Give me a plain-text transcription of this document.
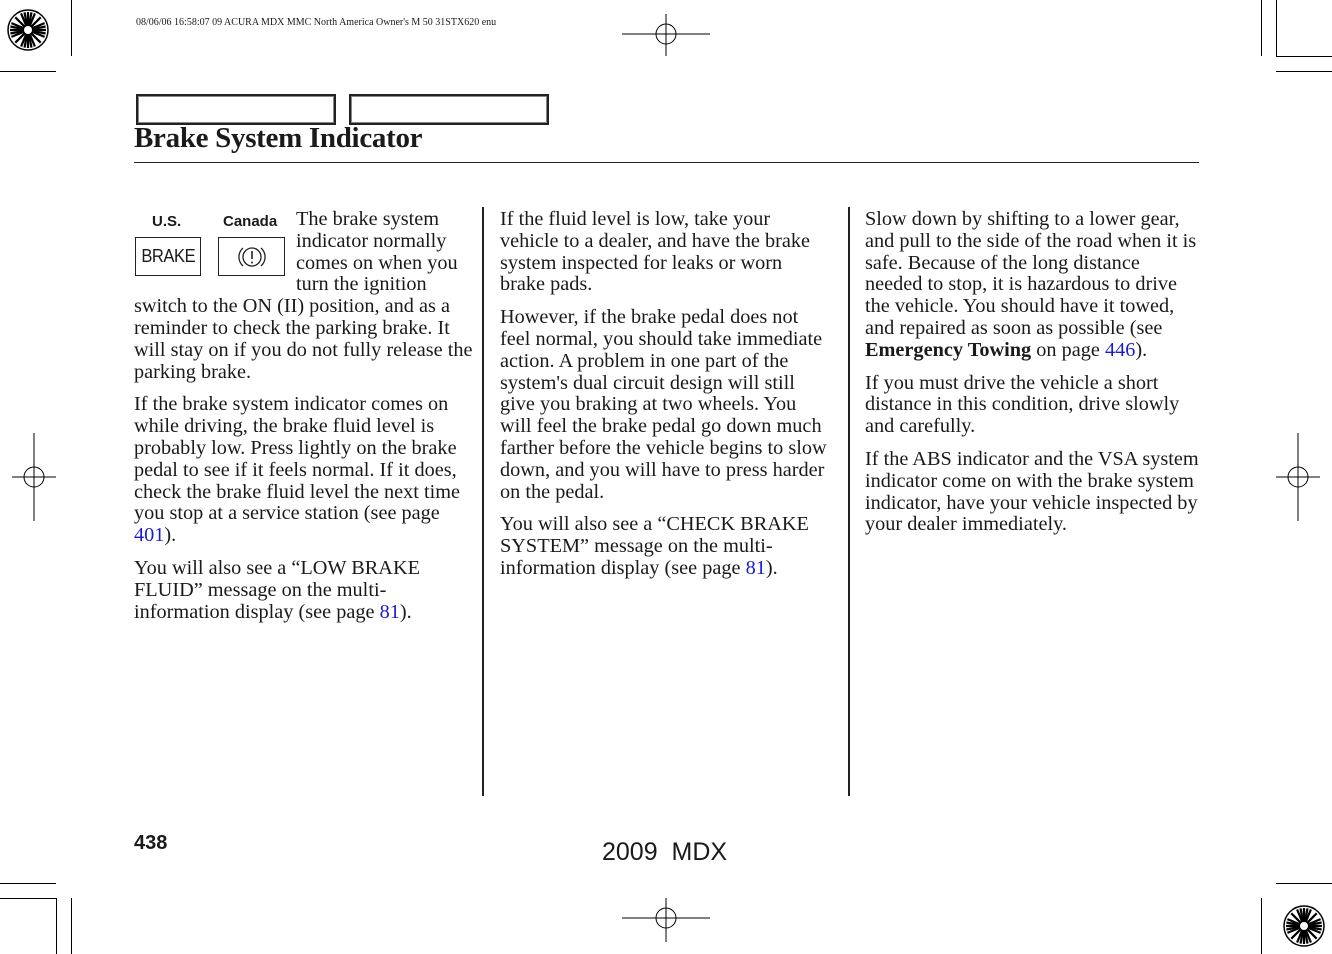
08/06/06 16:58:07 09 ACURA MDX MMC North America Owner's M 50 31STX620 enu
Brake System Indicator
U.S.	Canada
BRAKE

The brake system indicator normally comes on when you turn the ignition switch to the ON (II) position, and as a reminder to check the parking brake. It will stay on if you do not fully release the parking brake.

If the brake system indicator comes on while driving, the brake fluid level is probably low. Press lightly on the brake pedal to see if it feels normal. If it does, check the brake fluid level the next time you stop at a service station (see page 401).

You will also see a “LOW BRAKE FLUID” message on the multi-information display (see page 81).

If the fluid level is low, take your vehicle to a dealer, and have the brake system inspected for leaks or worn brake pads.

However, if the brake pedal does not feel normal, you should take immediate action. A problem in one part of the system's dual circuit design will still give you braking at two wheels. You will feel the brake pedal go down much farther before the vehicle begins to slow down, and you will have to press harder on the pedal.

You will also see a “CHECK BRAKE SYSTEM” message on the multi-information display (see page 81).

Slow down by shifting to a lower gear, and pull to the side of the road when it is safe. Because of the long distance needed to stop, it is hazardous to drive the vehicle. You should have it towed, and repaired as soon as possible (see Emergency Towing on page 446).

If you must drive the vehicle a short distance in this condition, drive slowly and carefully.

If the ABS indicator and the VSA system indicator come on with the brake system indicator, have your vehicle inspected by your dealer immediately.

438	2009  MDX
